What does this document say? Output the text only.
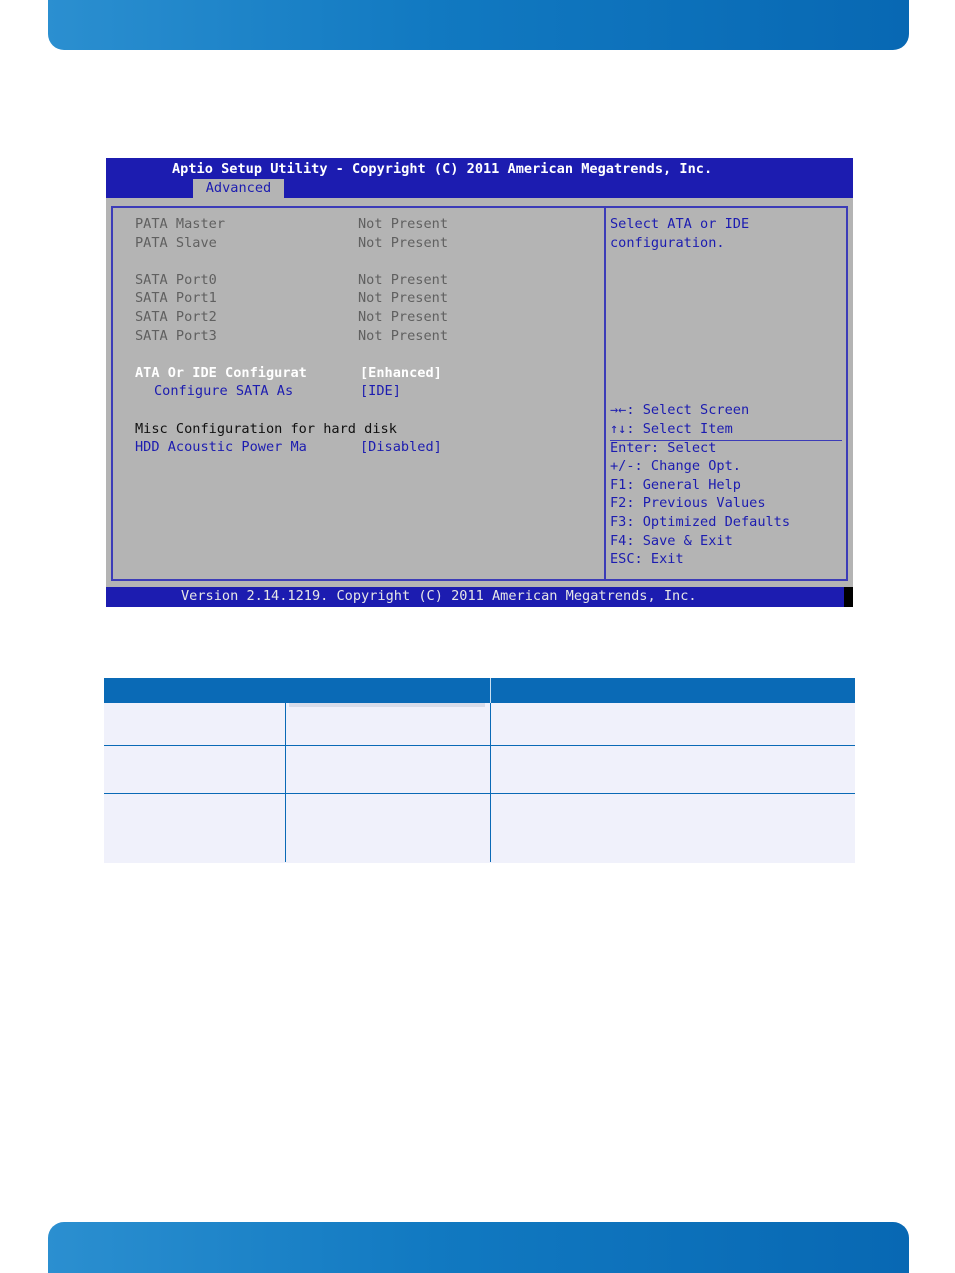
Aptio Setup Utility - Copyright (C) 2011 American Megatrends, Inc.
Advanced
PATA Master	Not Present
PATA Slave	Not Present
SATA Port0	Not Present
SATA Port1	Not Present
SATA Port2	Not Present
SATA Port3	Not Present
ATA Or IDE Configurat	[Enhanced]
Configure SATA As	[IDE]
Misc Configuration for hard disk
HDD Acoustic Power Ma	[Disabled]
Select ATA or IDE
configuration.
→←: Select Screen
↑↓: Select Item
Enter: Select
+/-: Change Opt.
F1: General Help
F2: Previous Values
F3: Optimized Defaults
F4: Save & Exit
ESC: Exit
Version 2.14.1219. Copyright (C) 2011 American Megatrends, Inc.
